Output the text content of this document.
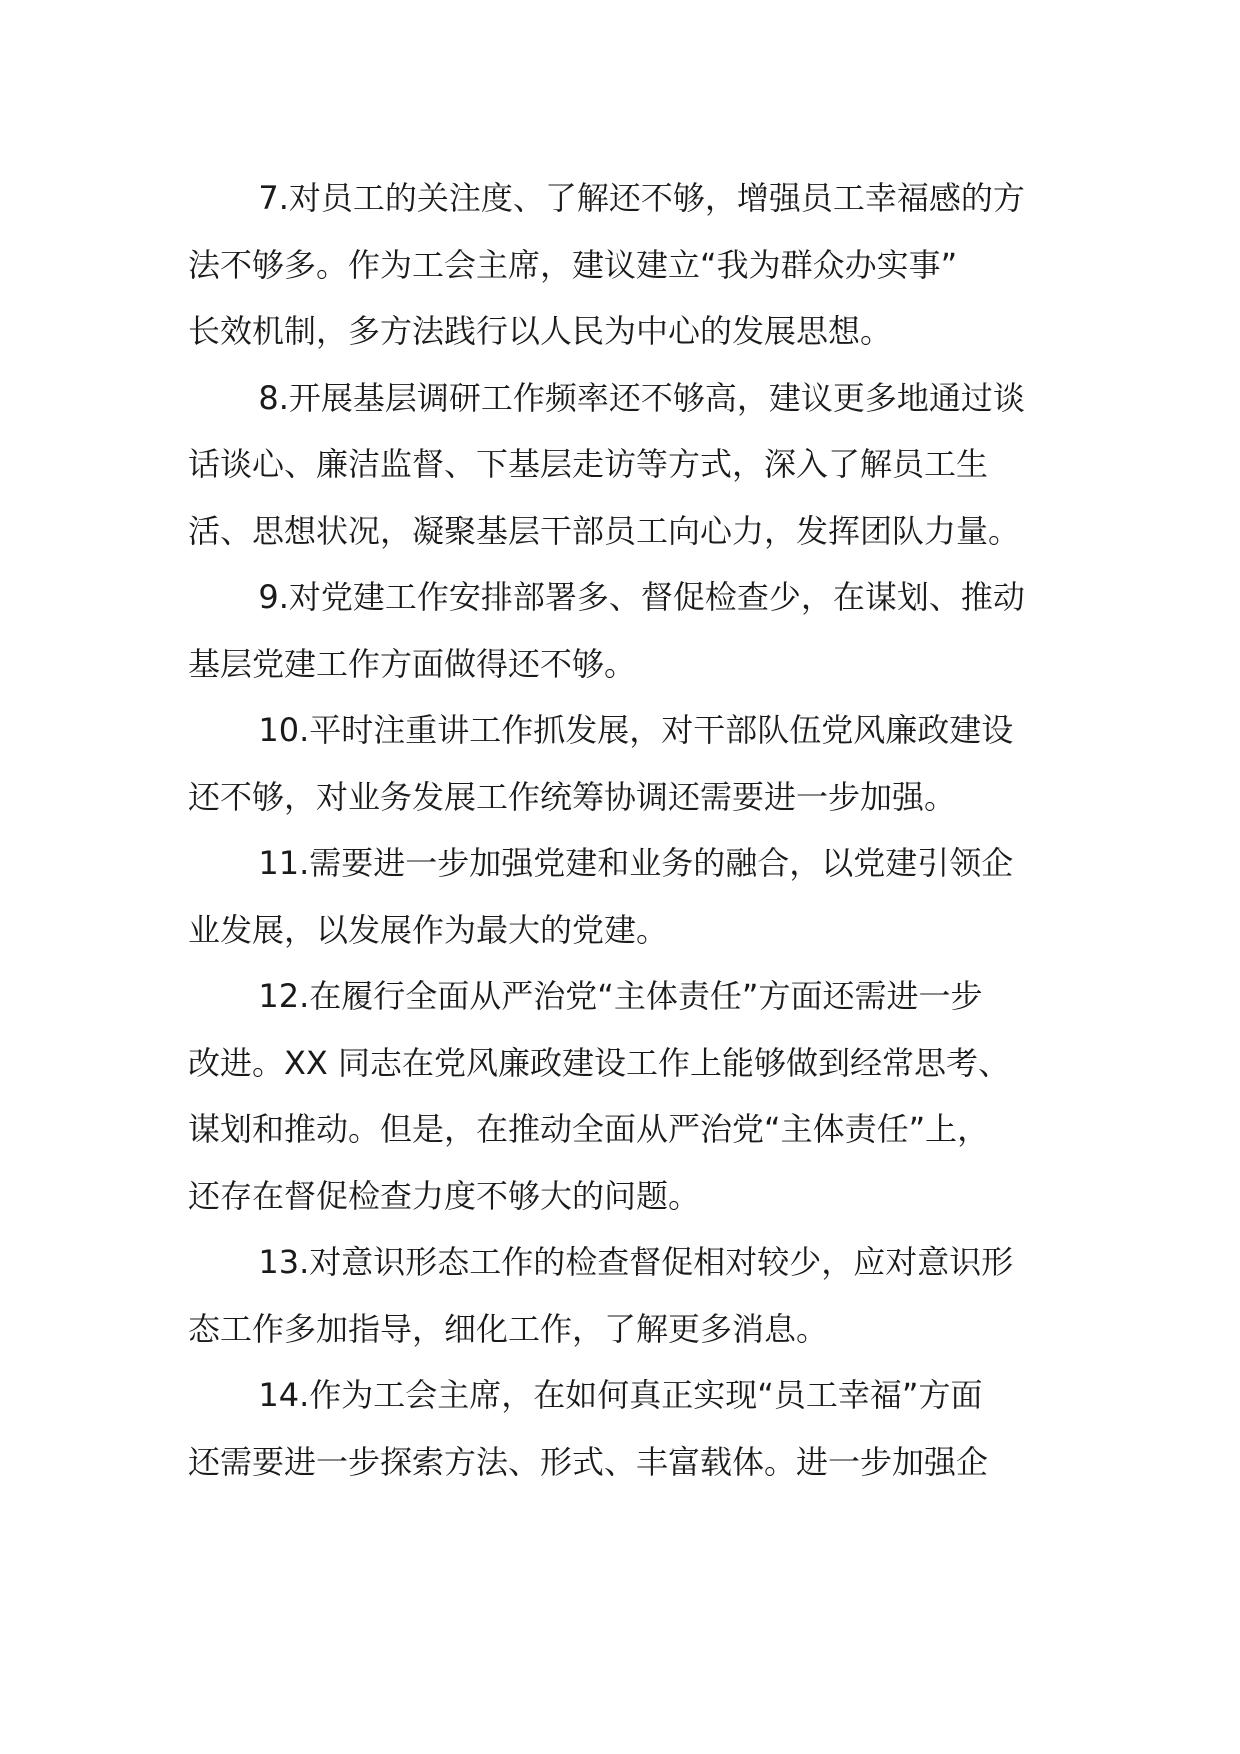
7.对员工的关注度、了解还不够，增强员工幸福感的方
法不够多。作为工会主席，建议建立“我为群众办实事”
长效机制，多方法践行以人民为中心的发展思想。

8.开展基层调研工作频率还不够高，建议更多地通过谈
话谈心、廉洁监督、下基层走访等方式，深入了解员工生
活、思想状况，凝聚基层干部员工向心力，发挥团队力量。

9.对党建工作安排部署多、督促检查少，在谋划、推动
基层党建工作方面做得还不够。

10.平时注重讲工作抓发展，对干部队伍党风廉政建设
还不够，对业务发展工作统筹协调还需要进一步加强。

11.需要进一步加强党建和业务的融合，以党建引领企
业发展，以发展作为最大的党建。

12.在履行全面从严治党“主体责任”方面还需进一步
改进。XX 同志在党风廉政建设工作上能够做到经常思考、
谋划和推动。但是，在推动全面从严治党“主体责任”上，
还存在督促检查力度不够大的问题。

13.对意识形态工作的检查督促相对较少，应对意识形
态工作多加指导，细化工作，了解更多消息。

14.作为工会主席，在如何真正实现“员工幸福”方面
还需要进一步探索方法、形式、丰富载体。进一步加强企
